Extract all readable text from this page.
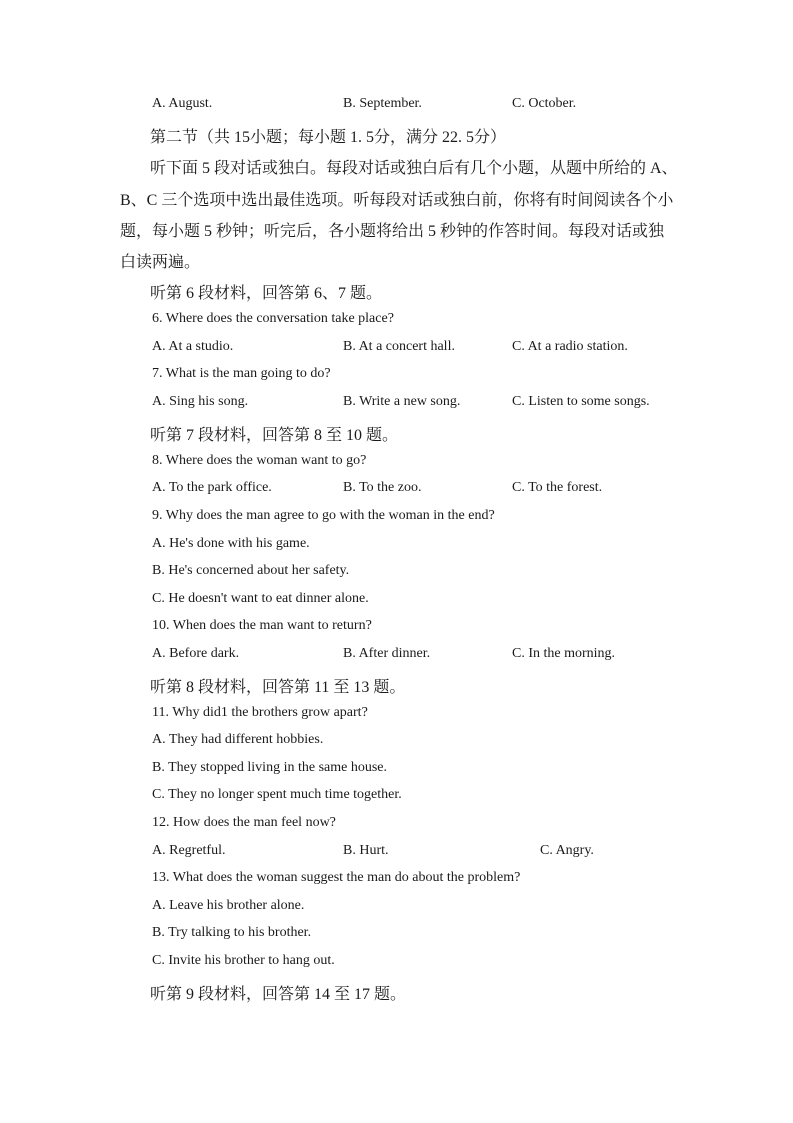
A. August.	B. September.	C. October.
第二节（共 15小题；每小题 1. 5分，满分 22. 5分）
听下面 5 段对话或独白。每段对话或独白后有几个小题，从题中所给的 A、
B、C 三个选项中选出最佳选项。听每段对话或独白前，你将有时间阅读各个小
题，每小题 5 秒钟；听完后，各小题将给出 5 秒钟的作答时间。每段对话或独
白读两遍。
听第 6 段材料，回答第 6、7 题。
6. Where does the conversation take place?
A. At a studio.	B. At a concert hall.	C. At a radio station.
7. What is the man going to do?
A. Sing his song.	B. Write a new song.	C. Listen to some songs.
听第 7 段材料，回答第 8 至 10 题。
8. Where does the woman want to go?
A. To the park office.	B. To the zoo.	C. To the forest.
9. Why does the man agree to go with the woman in the end?
A. He's done with his game.
B. He's concerned about her safety.
C. He doesn't want to eat dinner alone.
10. When does the man want to return?
A. Before dark.	B. After dinner.	C. In the morning.
听第 8 段材料，回答第 11 至 13 题。
11. Why did1 the brothers grow apart?
A. They had different hobbies.
B. They stopped living in the same house.
C. They no longer spent much time together.
12. How does the man feel now?
A. Regretful.	B. Hurt.	C. Angry.
13. What does the woman suggest the man do about the problem?
A. Leave his brother alone.
B. Try talking to his brother.
C. Invite his brother to hang out.
听第 9 段材料，回答第 14 至 17 题。
